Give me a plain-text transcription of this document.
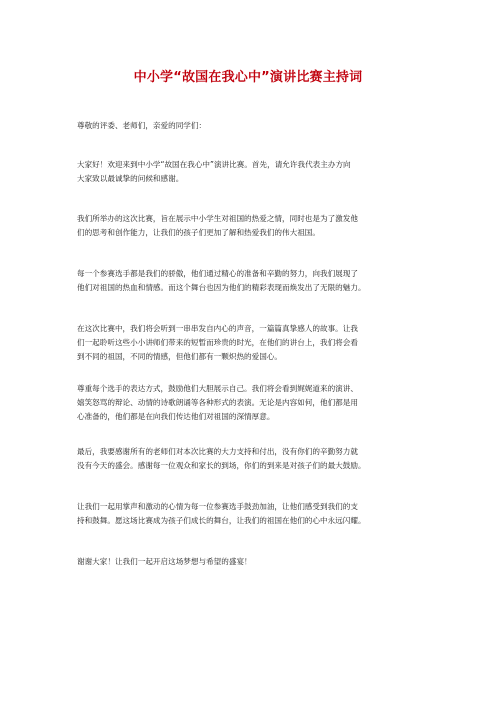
中小学“故国在我心中”演讲比赛主持词
尊敬的评委、老师们，亲爱的同学们：
大家好！欢迎来到中小学“故国在我心中”演讲比赛。首先，请允许我代表主办方向
大家致以最诚挚的问候和感谢。
我们所举办的这次比赛，旨在展示中小学生对祖国的热爱之情，同时也是为了激发他
们的思考和创作能力，让我们的孩子们更加了解和热爱我们的伟大祖国。
每一个参赛选手都是我们的骄傲，他们通过精心的准备和辛勤的努力，向我们展现了
他们对祖国的热血和情感。而这个舞台也因为他们的精彩表现而焕发出了无限的魅力。
在这次比赛中，我们将会听到一串串发自内心的声音，一篇篇真挚感人的故事。让我
们一起聆听这些小小讲师们带来的短暂而珍贵的时光，在他们的讲台上，我们将会看
到不同的祖国，不同的情感，但他们都有一颗炽热的爱国心。
尊重每个选手的表达方式，鼓励他们大胆展示自己。我们将会看到娓娓道来的演讲、
嬉笑怒骂的辩论、动情的诗歌朗诵等各种形式的表演。无论是内容如何，他们都是用
心准备的，他们都是在向我们传达他们对祖国的深情厚意。
最后，我要感谢所有的老师们对本次比赛的大力支持和付出，没有你们的辛勤努力就
没有今天的盛会。感谢每一位观众和家长的到场，你们的到来是对孩子们的最大鼓励。
让我们一起用掌声和激动的心情为每一位参赛选手鼓劲加油，让他们感受到我们的支
持和鼓舞。愿这场比赛成为孩子们成长的舞台，让我们的祖国在他们的心中永远闪耀。
谢谢大家！让我们一起开启这场梦想与希望的盛宴！
